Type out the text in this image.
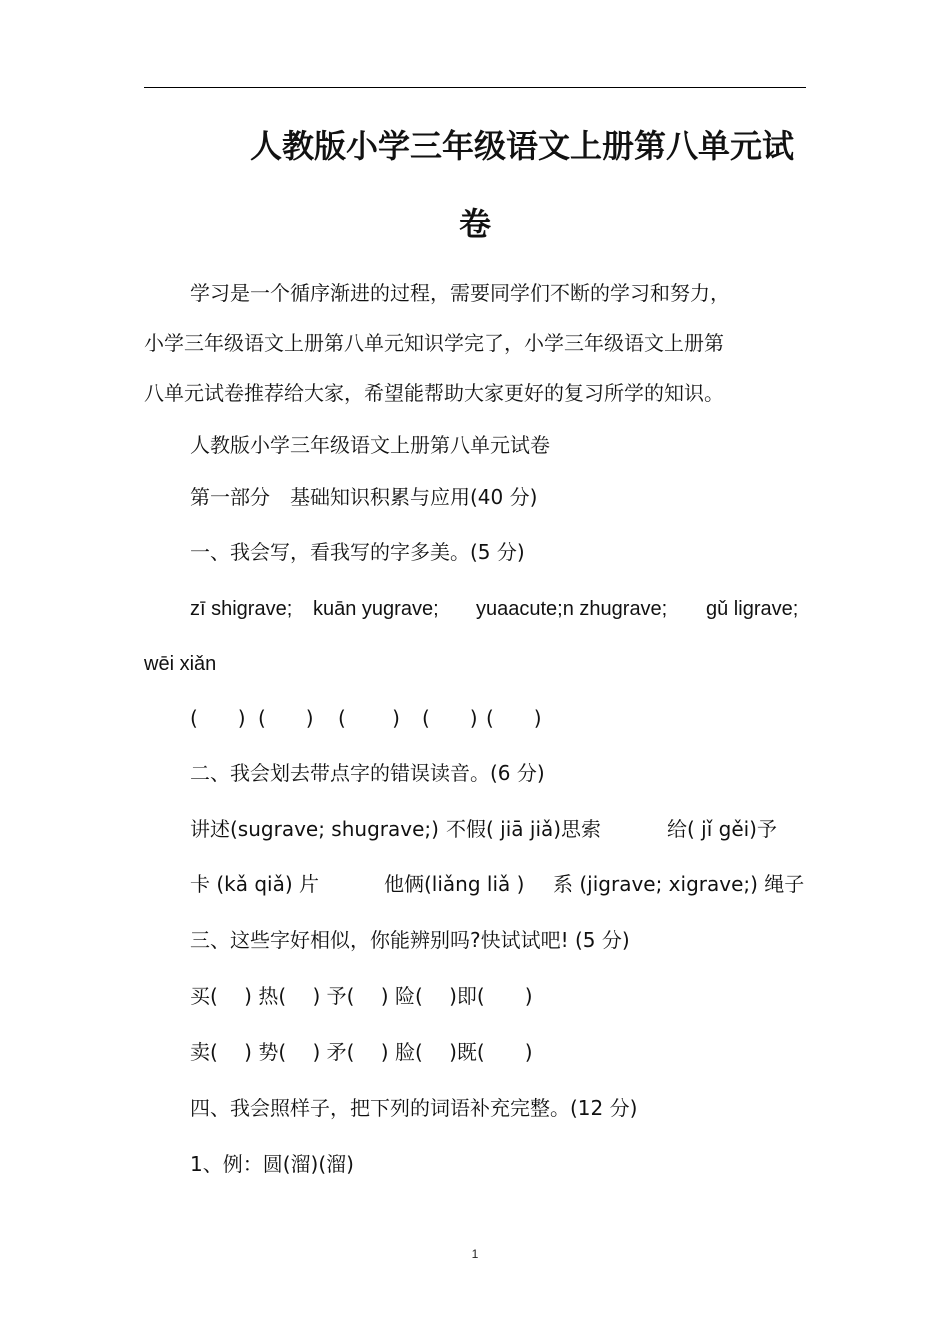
人教版小学三年级语文上册第八单元试
卷
学习是一个循序渐进的过程，需要同学们不断的学习和努力，
小学三年级语文上册第八单元知识学完了，小学三年级语文上册第
八单元试卷推荐给大家，希望能帮助大家更好的复习所学的知识。
人教版小学三年级语文上册第八单元试卷
第一部分　基础知识积累与应用(40 分)
一、我会写，看我写的字多美。(5 分)
zī shigrave; kuān yugrave; yuaacute;n zhugrave; gǔ ligrave;
wēi xiǎn
(　　) (　　) (　　 ) (　　) (　　)
二、我会划去带点字的错误读音。(6 分)
讲述(sugrave; shugrave;) 不假( jiā jiǎ)思索	给( jǐ gěi)予
卡 (kǎ qiǎ) 片	他俩(liǎng liǎ ) 系 (jigrave; xigrave;) 绳子
三、这些字好相似，你能辨别吗?快试试吧! (5 分)
买(　 ) 热(　 ) 予(　 ) 险(　 )即(　　)
卖(　 ) 势(　 ) 矛(　 ) 脸(　 )既(　　)
四、我会照样子，把下列的词语补充完整。(12 分)
1、例：圆(溜)(溜)
1
